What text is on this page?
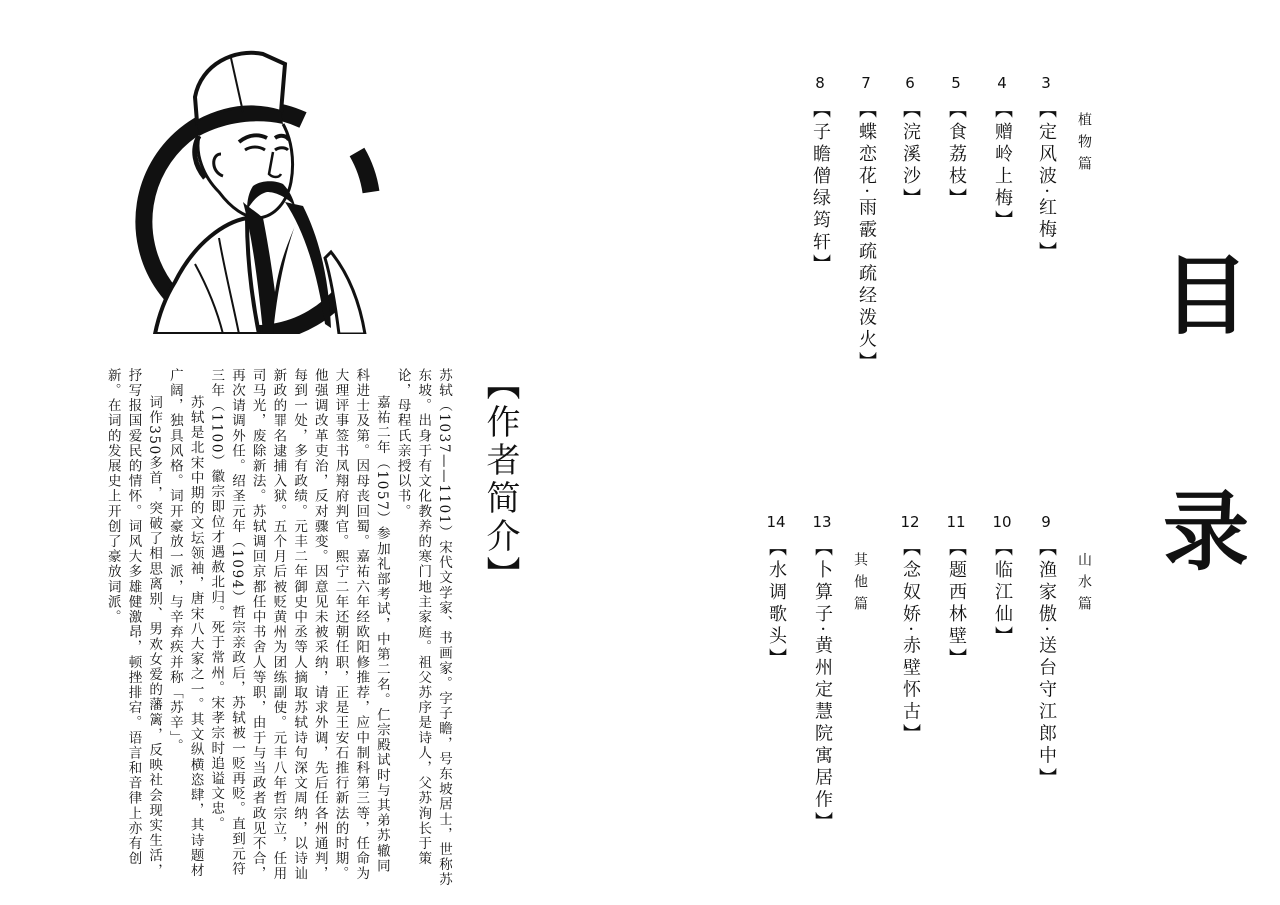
【作者简介】

苏轼（1037——1101）宋代文学家、书画家。字子瞻，号东坡居士，世称苏东坡。出身于有文化教养的寒门地主家庭。祖父苏序是诗人，父苏洵长于策论，母程氏亲授以书。

嘉祐二年（1057）参加礼部考试，中第二名。仁宗殿试时与其弟苏辙同科进士及第。因母丧回蜀。嘉祐六年经欧阳修推荐，应中制科第三等，任命为大理评事签书凤翔府判官。熙宁二年还朝任职，正是王安石推行新法的时期。他强调改革吏治，反对骤变。因意见未被采纳，请求外调，先后任各州通判，每到一处，多有政绩。元丰二年御史中丞等人摘取苏轼诗句深文周纳，以诗讪新政的罪名逮捕入狱。五个月后被贬黄州为团练副使。元丰八年哲宗立，任用司马光，废除新法。苏轼调回京都任中书舍人等职，由于与当政者政见不合，再次请调外任。绍圣元年（1094）哲宗亲政后，苏轼被一贬再贬。直到元符三年（1100）徽宗即位才遇赦北归。死于常州。宋孝宗时追谥文忠。

苏轼是北宋中期的文坛领袖，唐宋八大家之一。其文纵横恣肆，其诗题材广阔，独具风格。词开豪放一派，与辛弃疾并称「苏辛」。

词作350多首，突破了相思离别、男欢女爱的藩篱，反映社会现实生活，抒写报国爱民的情怀。词风大多雄健激昂，顿挫排宕。语言和音律上亦有创新。在词的发展史上开创了豪放词派。	目录
植物篇
山水篇
其他篇
3
【定风波·红梅】
4
【赠岭上梅】
5
【食荔枝】
6
【浣溪沙】
7
【蝶恋花·雨霰疏疏经泼火】
8
【子瞻僧绿筠轩】
9
【渔家傲·送台守江郎中】
10
【临江仙】
11
【题西林壁】
12
【念奴娇·赤壁怀古】
13
【卜算子·黄州定慧院寓居作】
14
【水调歌头】
